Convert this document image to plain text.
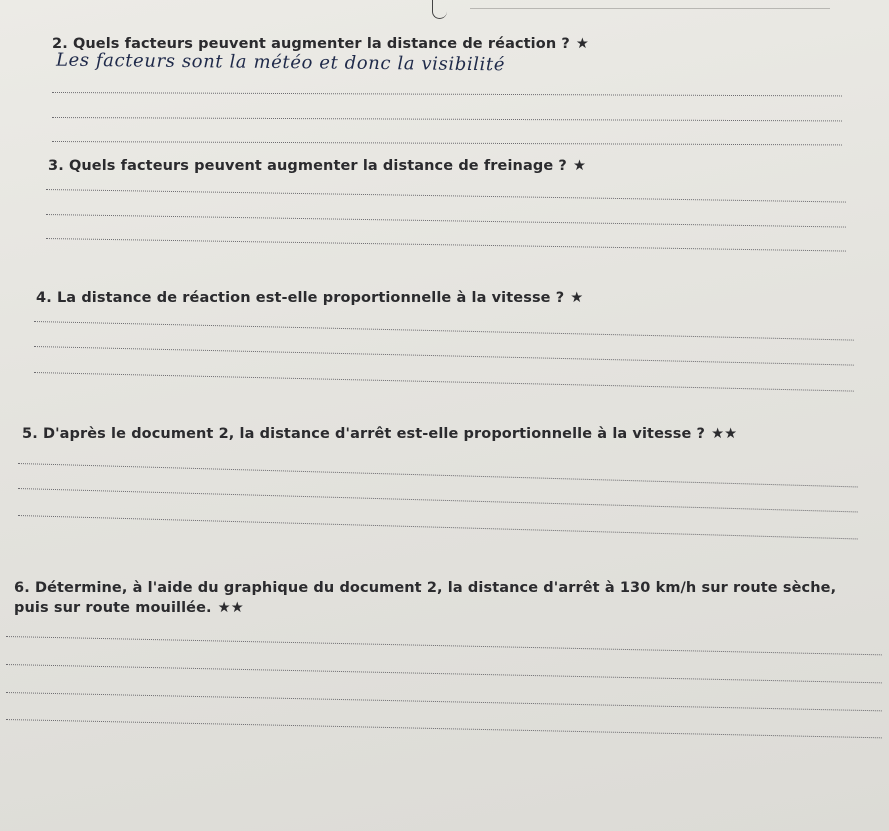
2. Quels facteurs peuvent augmenter la distance de réaction ? ★
Les facteurs sont la météo et donc la visibilité
3. Quels facteurs peuvent augmenter la distance de freinage ? ★
4. La distance de réaction est-elle proportionnelle à la vitesse ? ★
5. D'après le document 2, la distance d'arrêt est-elle proportionnelle à la vitesse ? ★★
6. Détermine, à l'aide du graphique du document 2, la distance d'arrêt à 130 km/h sur route sèche, puis sur route mouillée. ★★
